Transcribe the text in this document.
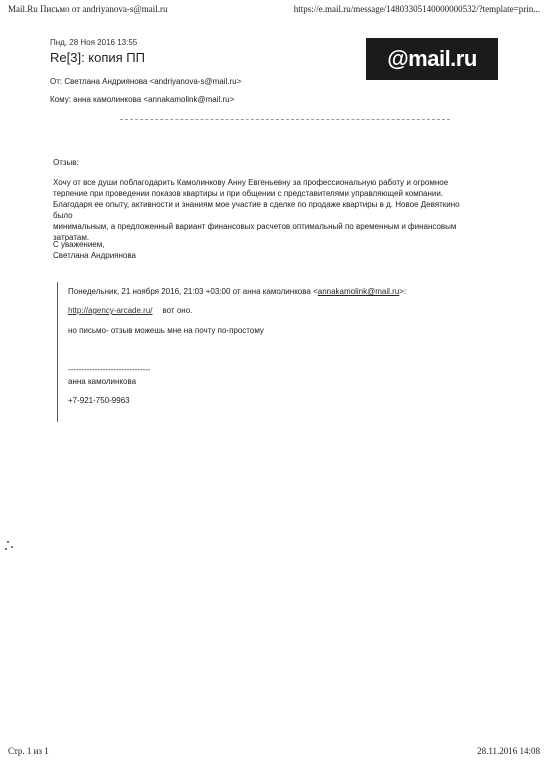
Mail.Ru Письмо от andriyanova-s@mail.ru	https://e.mail.ru/message/14803305140000000532/?template=prin...
Пнд, 28 Ноя 2016 13:55
Re[3]: копия ПП	@mail.ru
От: Светлана Андриянова <andriyanova-s@mail.ru>
Кому: анна камолинкова <annakamolink@mail.ru>
Отзыв:
Хочу от все души поблагодарить Камолинкову Анну Евгеньевну за профессиональную работу и огромное
терпение при проведении показов квартиры и при общении с представителями управляющей компании.
Благодаря ее опыту, активности и знаниям мое участие в сделке по продаже квартиры в д. Новое Девяткино было
минимальным, а предложенный вариант финансовых расчетов оптимальный по временным и финансовым
затратам.
С уважением,
Светлана Андриянова
Понедельник, 21 ноября 2016, 21:03 +03:00 от анна камолинкова <annakamolink@mail.ru>:
http://agency-arcade.ru/ вот оно.
но письмо- отзыв можешь мне на почту по-простому
-------------------------------
анна камолинкова
+7-921-750-9963
Стр. 1 из 1	28.11.2016 14:08
